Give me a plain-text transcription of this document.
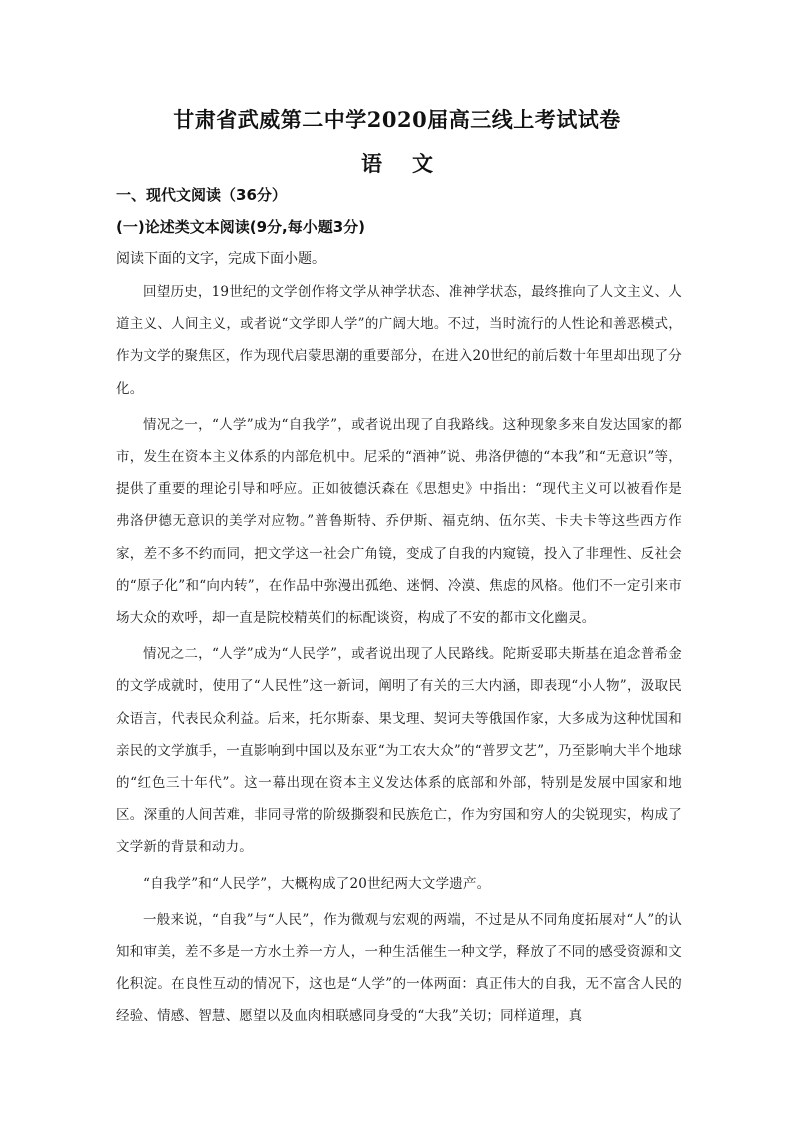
甘肃省武威第二中学2020届高三线上考试试卷
语文
一、现代文阅读（36分）
(一)论述类文本阅读(9分,每小题3分)
阅读下面的文字，完成下面小题。

回望历史，19世纪的文学创作将文学从神学状态、准神学状态，最终推向了人文主义、人道主义、人间主义，或者说“文学即人学”的广阔大地。不过，当时流行的人性论和善恶模式，作为文学的聚焦区，作为现代启蒙思潮的重要部分，在进入20世纪的前后数十年里却出现了分化。

情况之一，“人学”成为“自我学”，或者说出现了自我路线。这种现象多来自发达国家的都市，发生在资本主义体系的内部危机中。尼采的“酒神”说、弗洛伊德的“本我”和“无意识”等，提供了重要的理论引导和呼应。正如彼德沃森在《思想史》中指出：“现代主义可以被看作是弗洛伊德无意识的美学对应物。”普鲁斯特、乔伊斯、福克纳、伍尔芙、卡夫卡等这些西方作家，差不多不约而同，把文学这一社会广角镜，变成了自我的内窥镜，投入了非理性、反社会的“原子化”和“向内转”，在作品中弥漫出孤绝、迷惘、冷漠、焦虑的风格。他们不一定引来市场大众的欢呼，却一直是院校精英们的标配谈资，构成了不安的都市文化幽灵。

情况之二，“人学”成为“人民学”，或者说出现了人民路线。陀斯妥耶夫斯基在追念普希金的文学成就时，使用了“人民性”这一新词，阐明了有关的三大内涵，即表现“小人物”，汲取民众语言，代表民众利益。后来，托尔斯泰、果戈理、契诃夫等俄国作家，大多成为这种忧国和亲民的文学旗手，一直影响到中国以及东亚“为工农大众”的“普罗文艺”，乃至影响大半个地球的“红色三十年代”。这一幕出现在资本主义发达体系的底部和外部，特别是发展中国家和地区。深重的人间苦难，非同寻常的阶级撕裂和民族危亡，作为穷国和穷人的尖锐现实，构成了文学新的背景和动力。

“自我学”和“人民学”，大概构成了20世纪两大文学遗产。

一般来说，“自我”与“人民”，作为微观与宏观的两端，不过是从不同角度拓展对“人”的认知和审美，差不多是一方水土养一方人，一种生活催生一种文学，释放了不同的感受资源和文化积淀。在良性互动的情况下，这也是“人学”的一体两面：真正伟大的自我，无不富含人民的经验、情感、智慧、愿望以及血肉相联感同身受的“大我”关切；同样道理，真
